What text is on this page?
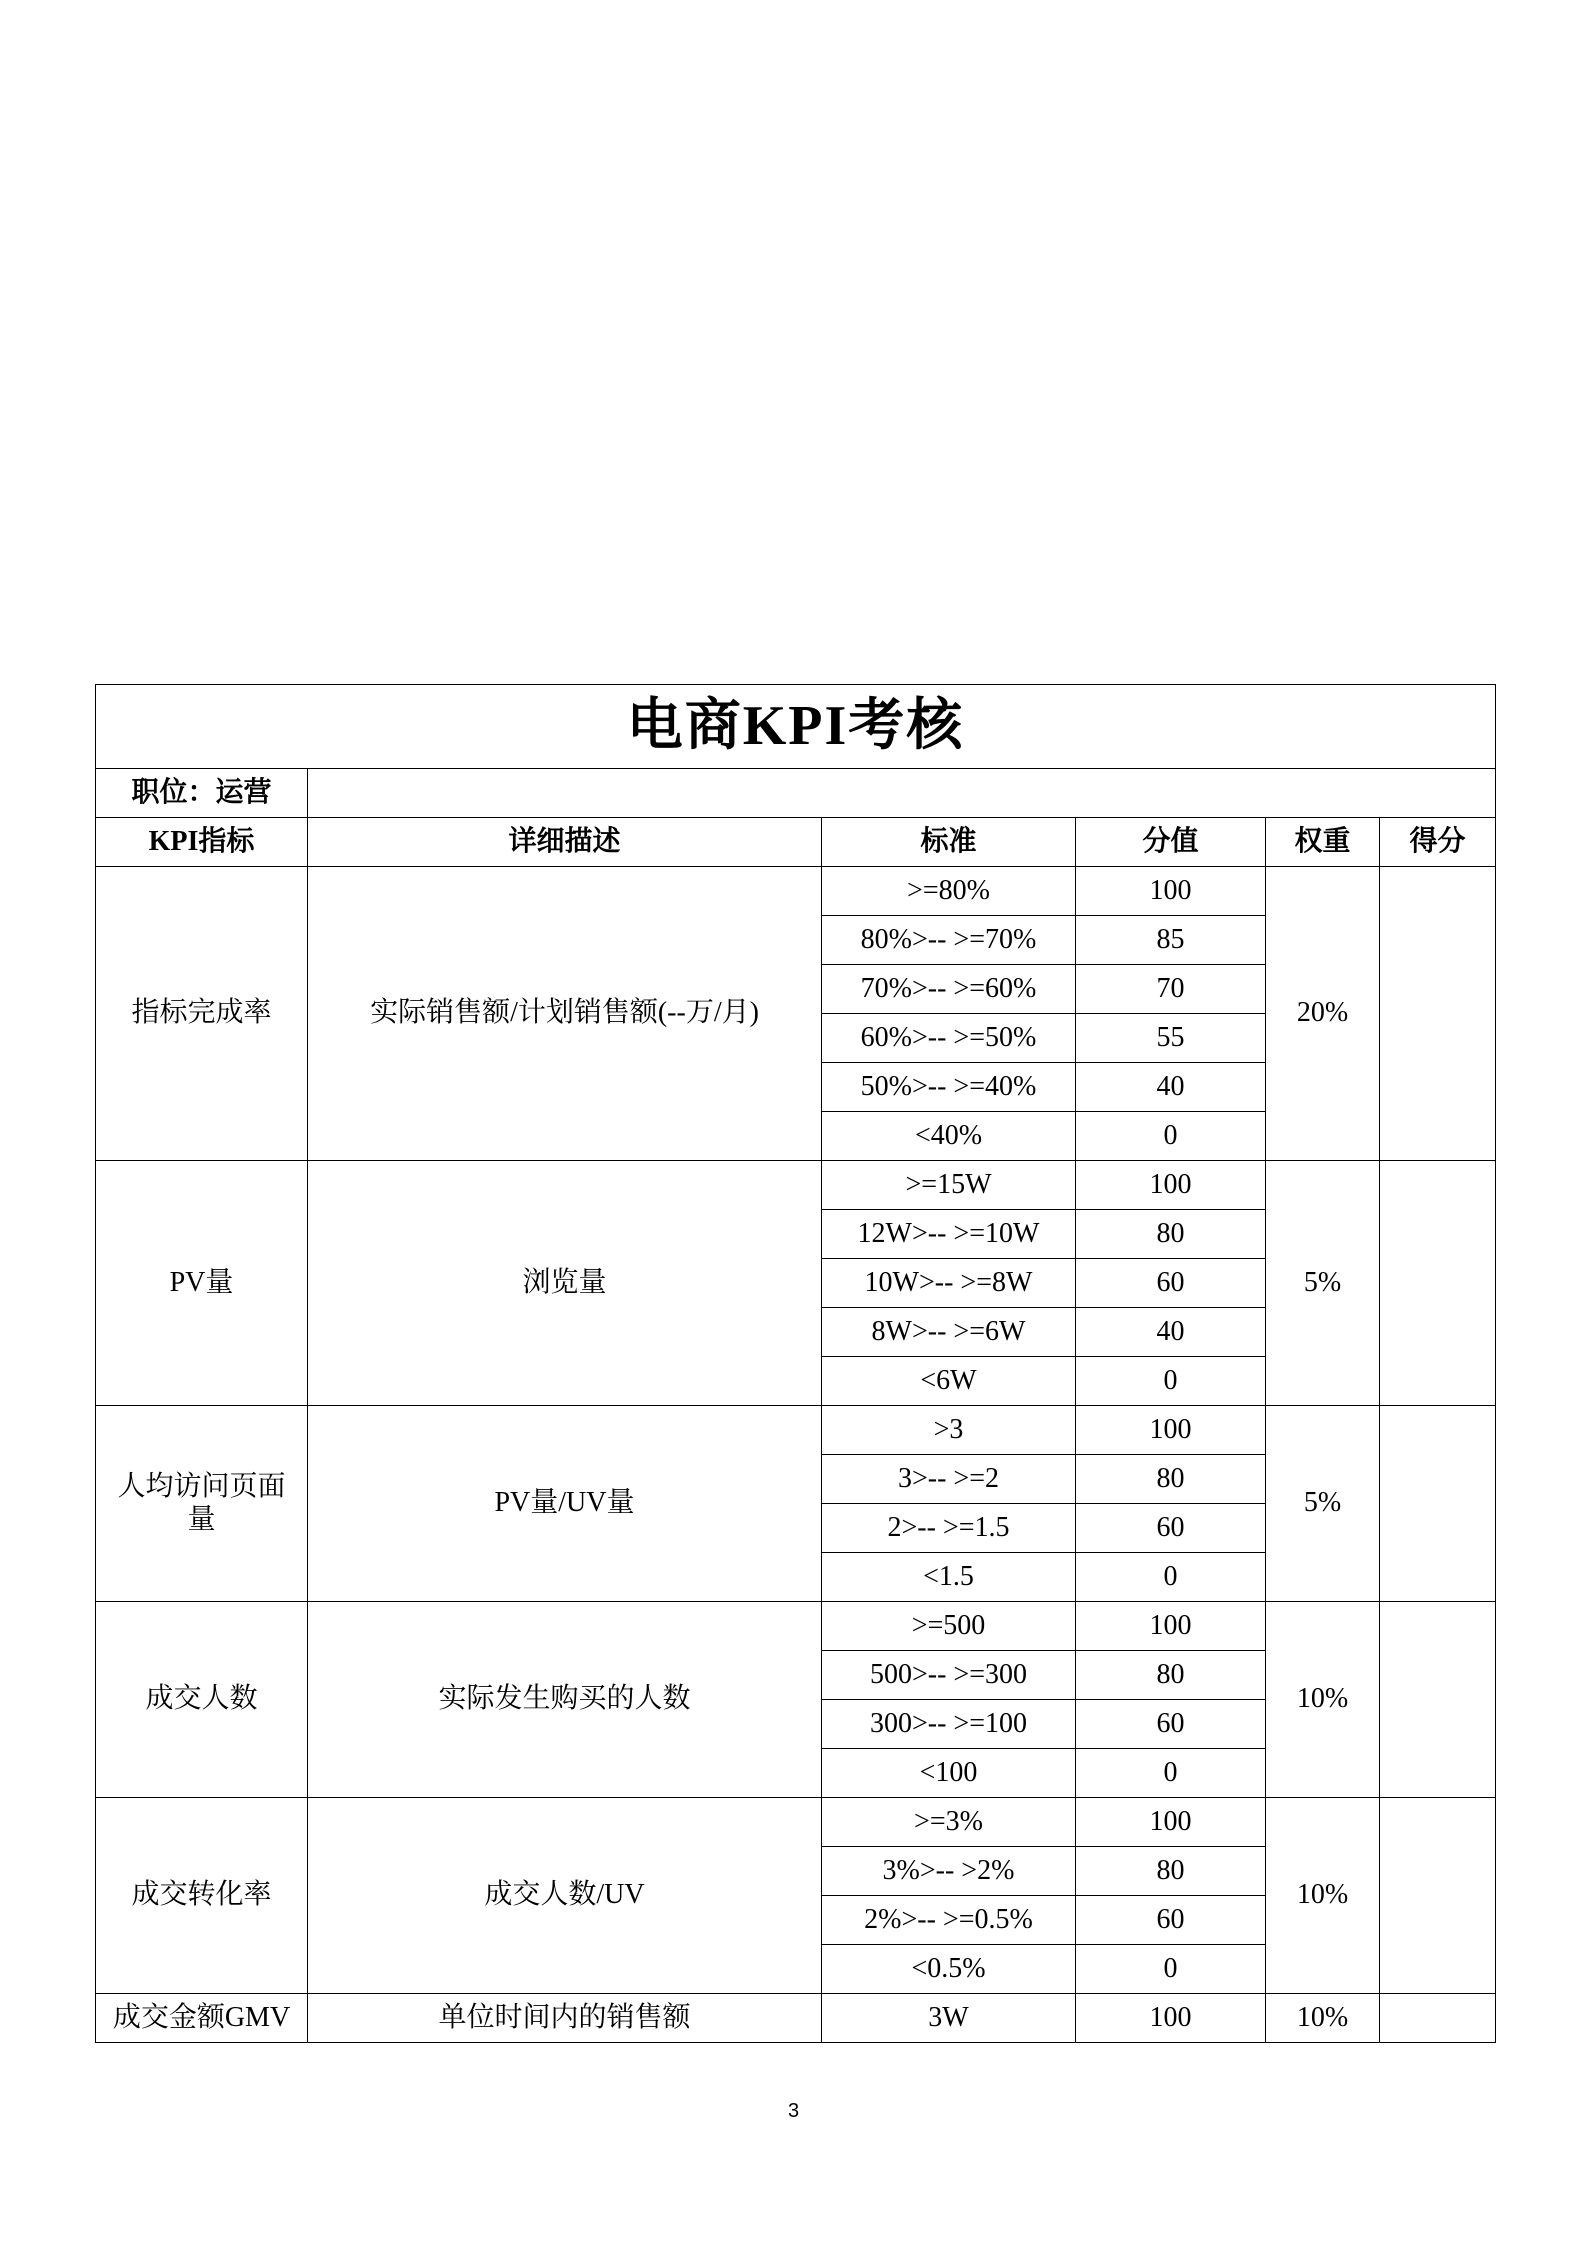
电商KPI考核					
职位：运营					
KPI指标	详细描述	标准	分值	权重	得分
指标完成率	实际销售额/计划销售额(--万/月)	>=80%	100	20%	
		80%>-- >=70%	85		
		70%>-- >=60%	70		
		60%>-- >=50%	55		
		50%>-- >=40%	40		
		<40%	0		
PV量	浏览量	>=15W	100	5%	
		12W>-- >=10W	80		
		10W>-- >=8W	60		
		8W>-- >=6W	40		
		<6W	0		
人均访问页面量	PV量/UV量	>3	100	5%	
		3>-- >=2	80		
		2>-- >=1.5	60		
		<1.5	0		
成交人数	实际发生购买的人数	>=500	100	10%	
		500>-- >=300	80		
		300>-- >=100	60		
		<100	0		
成交转化率	成交人数/UV	>=3%	100	10%	
		3%>-- >2%	80		
		2%>-- >=0.5%	60		
		<0.5%	0		
成交金额GMV	单位时间内的销售额	3W	100	10%	
3
